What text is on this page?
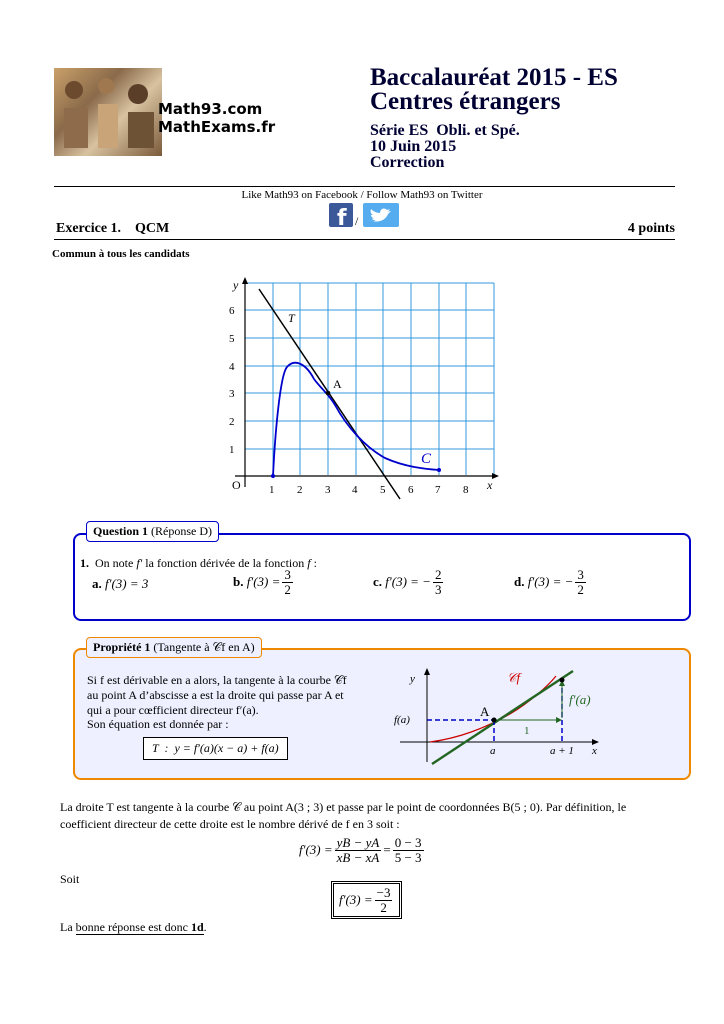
Math93.com
MathExams.fr
Baccalauréat 2015 - ES
Centres étrangers
Série ES  Obli. et Spé.
10 Juin 2015
Correction
Like Math93 on Facebook / Follow Math93 on Twitter
f /
Exercice 1.    QCM	4 points
Commun à tous les candidats
y
x
O	1 2 3 4 5 6 7 8
1
2
3
4
5
6
A
T
C
Question 1 (Réponse D)
1. On note f′ la fonction dérivée de la fonction f :
a. f′(3) = 3	b.
$f'(3) = \frac{3}{2}$	c.
f′(3) = − $\frac{2}{3}$	d.
f′(3) = − $\frac{3}{2}$
Propriété 1 (Tangente à 𝒞f en A)
Si f est dérivable en a alors, la tangente à la courbe 𝒞f
au point A d’abscisse a est la droite qui passe par A et
qui a pour cœfficient directeur f′(a).
Son équation est donnée par :
T  :  y = f′(a)(x − a) + f(a)
y
x
𝒞f
f′(a)
f(a)
A
1
a	a + 1
La droite T est tangente à la courbe 𝒞 au point A(3 ; 3) et passe par le point de coordonnées B(5 ; 0). Par définition, le coefficient directeur de cette droite est le nombre dérivé de f en 3 soit :
$f'(3) = \frac{yB - yA}{xB - xA} = \frac{0 - 3}{5 - 3}$
Soit
$f'(3) = \frac{-3}{2}$
La bonne réponse est donc 1d.
